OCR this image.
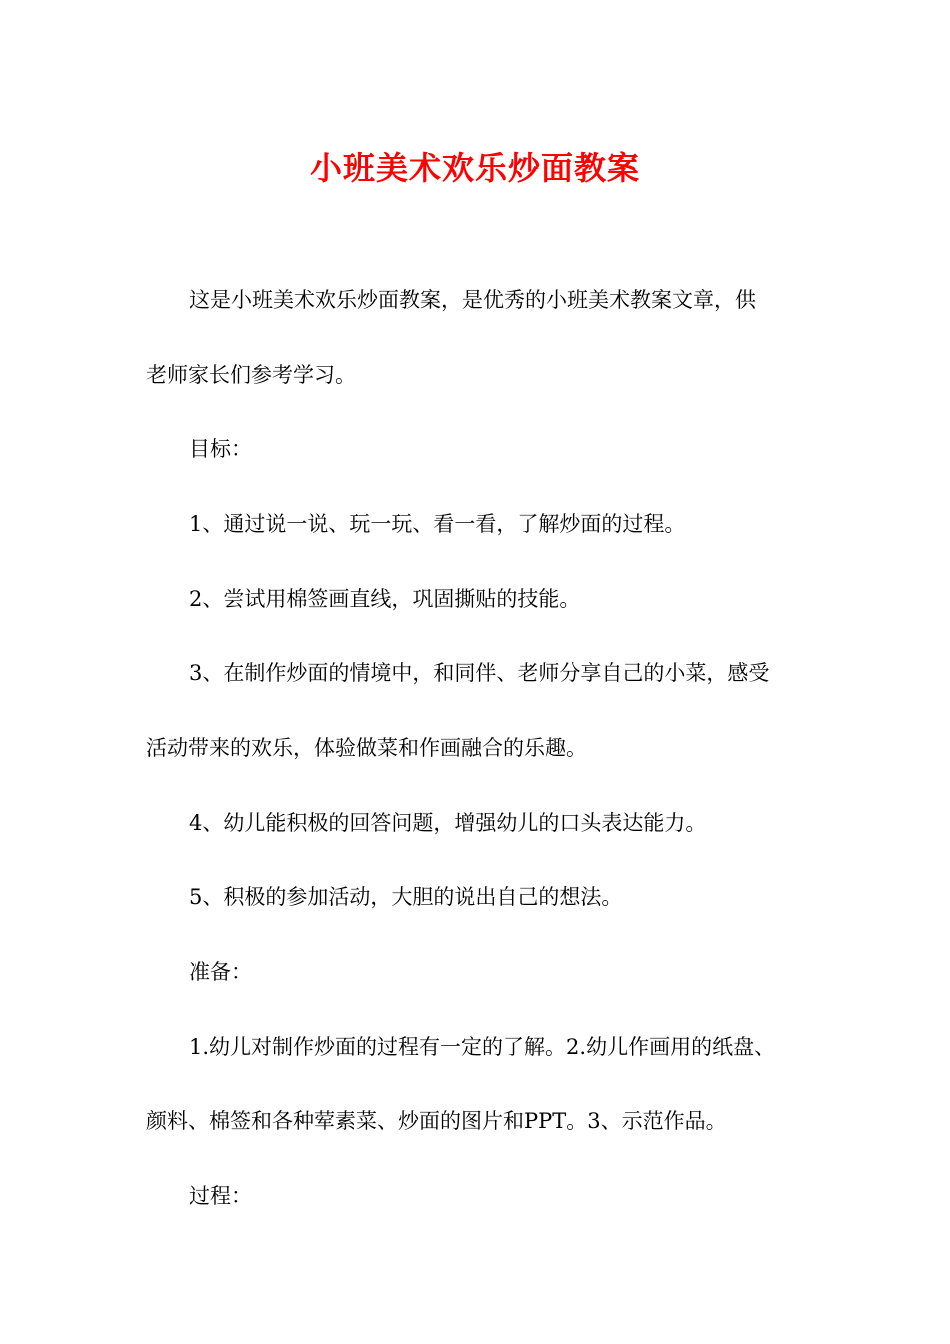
小班美术欢乐炒面教案
这是小班美术欢乐炒面教案，是优秀的小班美术教案文章，供
老师家长们参考学习。
目标：
1、通过说一说、玩一玩、看一看，了解炒面的过程。
2、尝试用棉签画直线，巩固撕贴的技能。
3、在制作炒面的情境中，和同伴、老师分享自己的小菜，感受
活动带来的欢乐，体验做菜和作画融合的乐趣。
4、幼儿能积极的回答问题，增强幼儿的口头表达能力。
5、积极的参加活动，大胆的说出自己的想法。
准备：
1.幼儿对制作炒面的过程有一定的了解。2.幼儿作画用的纸盘、
颜料、棉签和各种荤素菜、炒面的图片和PPT。3、示范作品。
过程：
